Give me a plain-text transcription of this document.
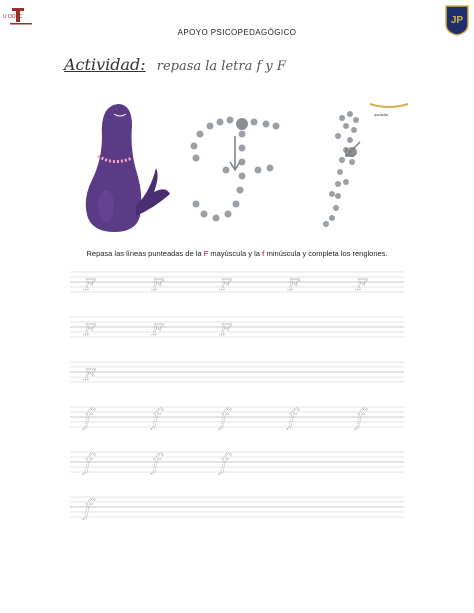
U ODEC	JP
APOYO PSICOPEDAGÓGICO
Actividad: repasa la letra f y F
ʞuɐʇɐʇʇɐ
Repasa las líneas punteadas de la F mayúscula y la f minúscula y completa los renglones.
F	F	F	F	F
F	F	F
F
f	f	f	f	f
f	f	f
f
